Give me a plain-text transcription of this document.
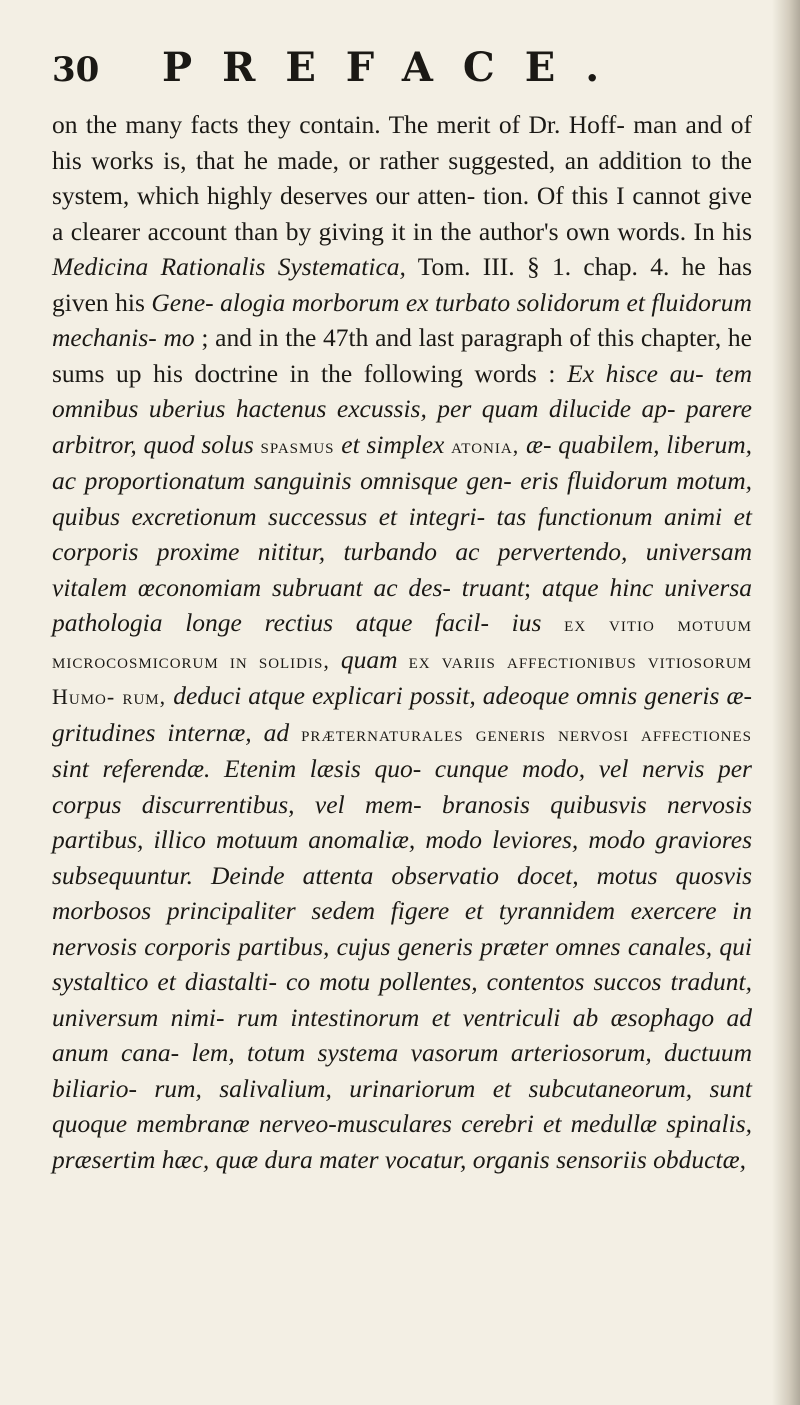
30	PREFACE.

on the many facts they contain. The merit of Dr. Hoff- man and of his works is, that he made, or rather suggested, an addition to the system, which highly deserves our atten- tion. Of this I cannot give a clearer account than by giving it in the author's own words. In his Medicina Rationalis Systematica, Tom. III. § 1. chap. 4. he has given his Gene- alogia morborum ex turbato solidorum et fluidorum mechanis- mo ; and in the 47th and last paragraph of this chapter, he sums up his doctrine in the following words : Ex hisce au- tem omnibus uberius hactenus excussis, per quam dilucide ap- parere arbitror, quod solus spasmus et simplex atonia, æ- quabilem, liberum, ac proportionatum sanguinis omnisque gen- eris fluidorum motum, quibus excretionum successus et integri- tas functionum animi et corporis proxime nititur, turbando ac pervertendo, universam vitalem œconomiam subruant ac des- truant; atque hinc universa pathologia longe rectius atque facil- ius ex vitio motuum microcosmicorum in solidis, quam ex variis affectionibus vitiosorum Humo- rum, deduci atque explicari possit, adeoque omnis generis æ- gritudines internæ, ad præternaturales generis nervosi affectiones sint referendæ. Etenim læsis quo- cunque modo, vel nervis per corpus discurrentibus, vel mem- branosis quibusvis nervosis partibus, illico motuum anomaliæ, modo leviores, modo graviores subsequuntur. Deinde attenta observatio docet, motus quosvis morbosos principaliter sedem figere et tyrannidem exercere in nervosis corporis partibus, cujus generis præter omnes canales, qui systaltico et diastalti- co motu pollentes, contentos succos tradunt, universum nimi- rum intestinorum et ventriculi ab æsophago ad anum cana- lem, totum systema vasorum arteriosorum, ductuum biliario- rum, salivalium, urinariorum et subcutaneorum, sunt quoque membranæ nerveo-musculares cerebri et medullæ spinalis, præsertim hæc, quæ dura mater vocatur, organis sensoriis obductæ,
